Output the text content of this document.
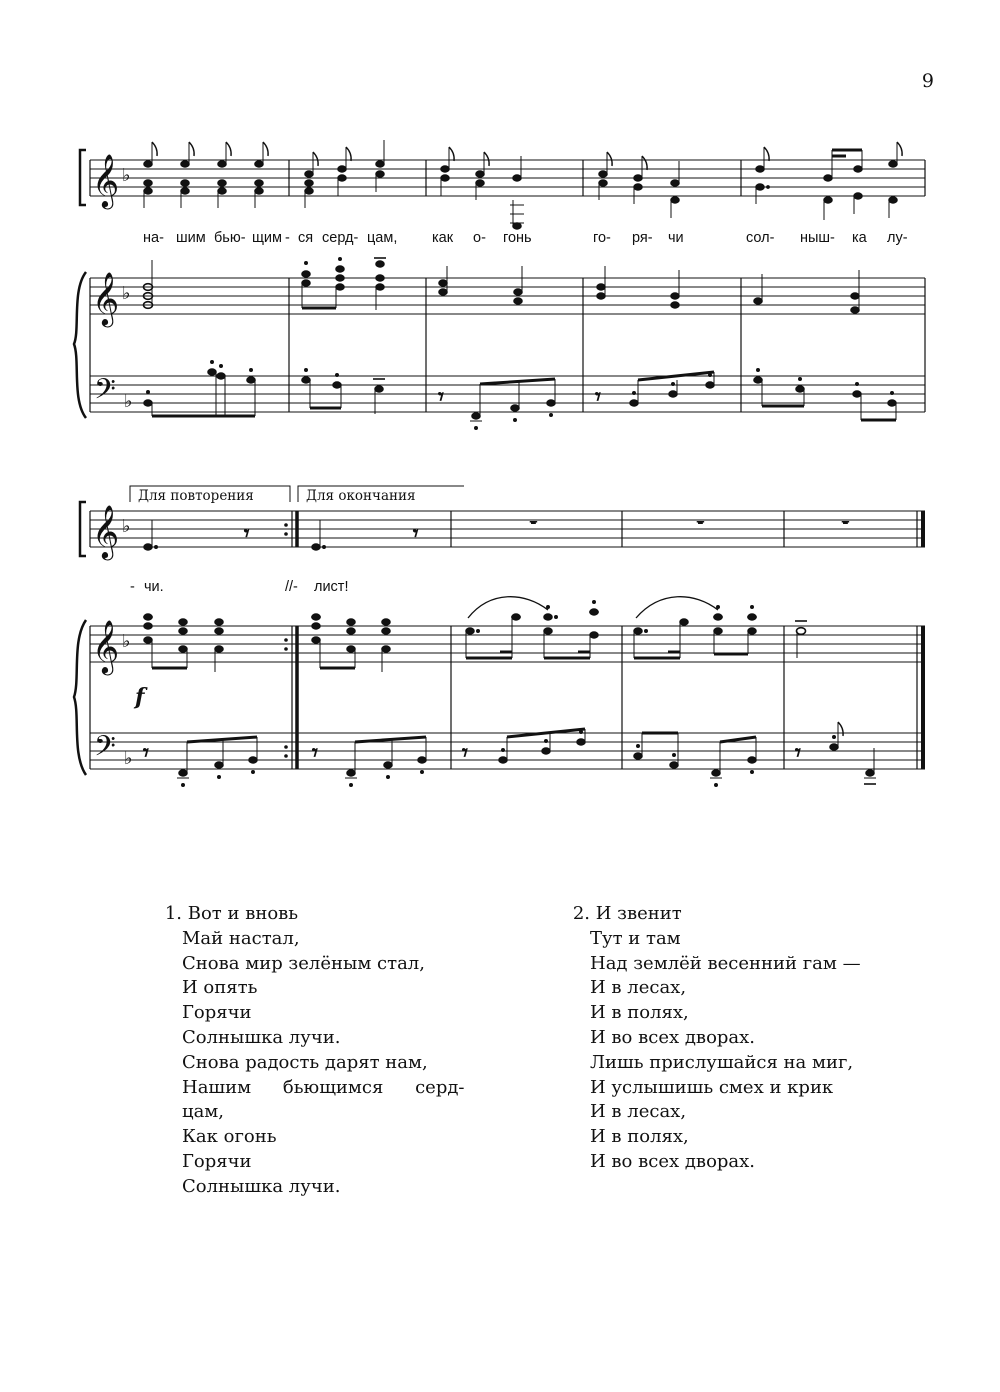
9
𝄞
𝄞
𝄢
♭
♭
♭
на- шим бью- щим - ся серд- цам, как о- гонь	го- ря- чи	сол- ныш- ка лу-
𝄾	𝄾
Для повторения	Для окончания
𝄞
𝄞
𝄢
♭
♭
♭
𝄾	𝄾	𝄻	𝄻	𝄻
- чи.	//- лист!
f
𝄾	𝄾	𝄾	𝄾
1. Вот и вновь
Май настал,
Снова мир зелёным стал,
И опять
Горячи
Солнышка лучи.
Снова радость дарят нам,
Нашим бьющимся серд-
цам,
Как огонь
Горячи
Солнышка лучи.
2. И звенит
Тут и там
Над землёй весенний гам —
И в лесах,
И в полях,
И во всех дворах.
Лишь прислушайся на миг,
И услышишь смех и крик
И в лесах,
И в полях,
И во всех дворах.
